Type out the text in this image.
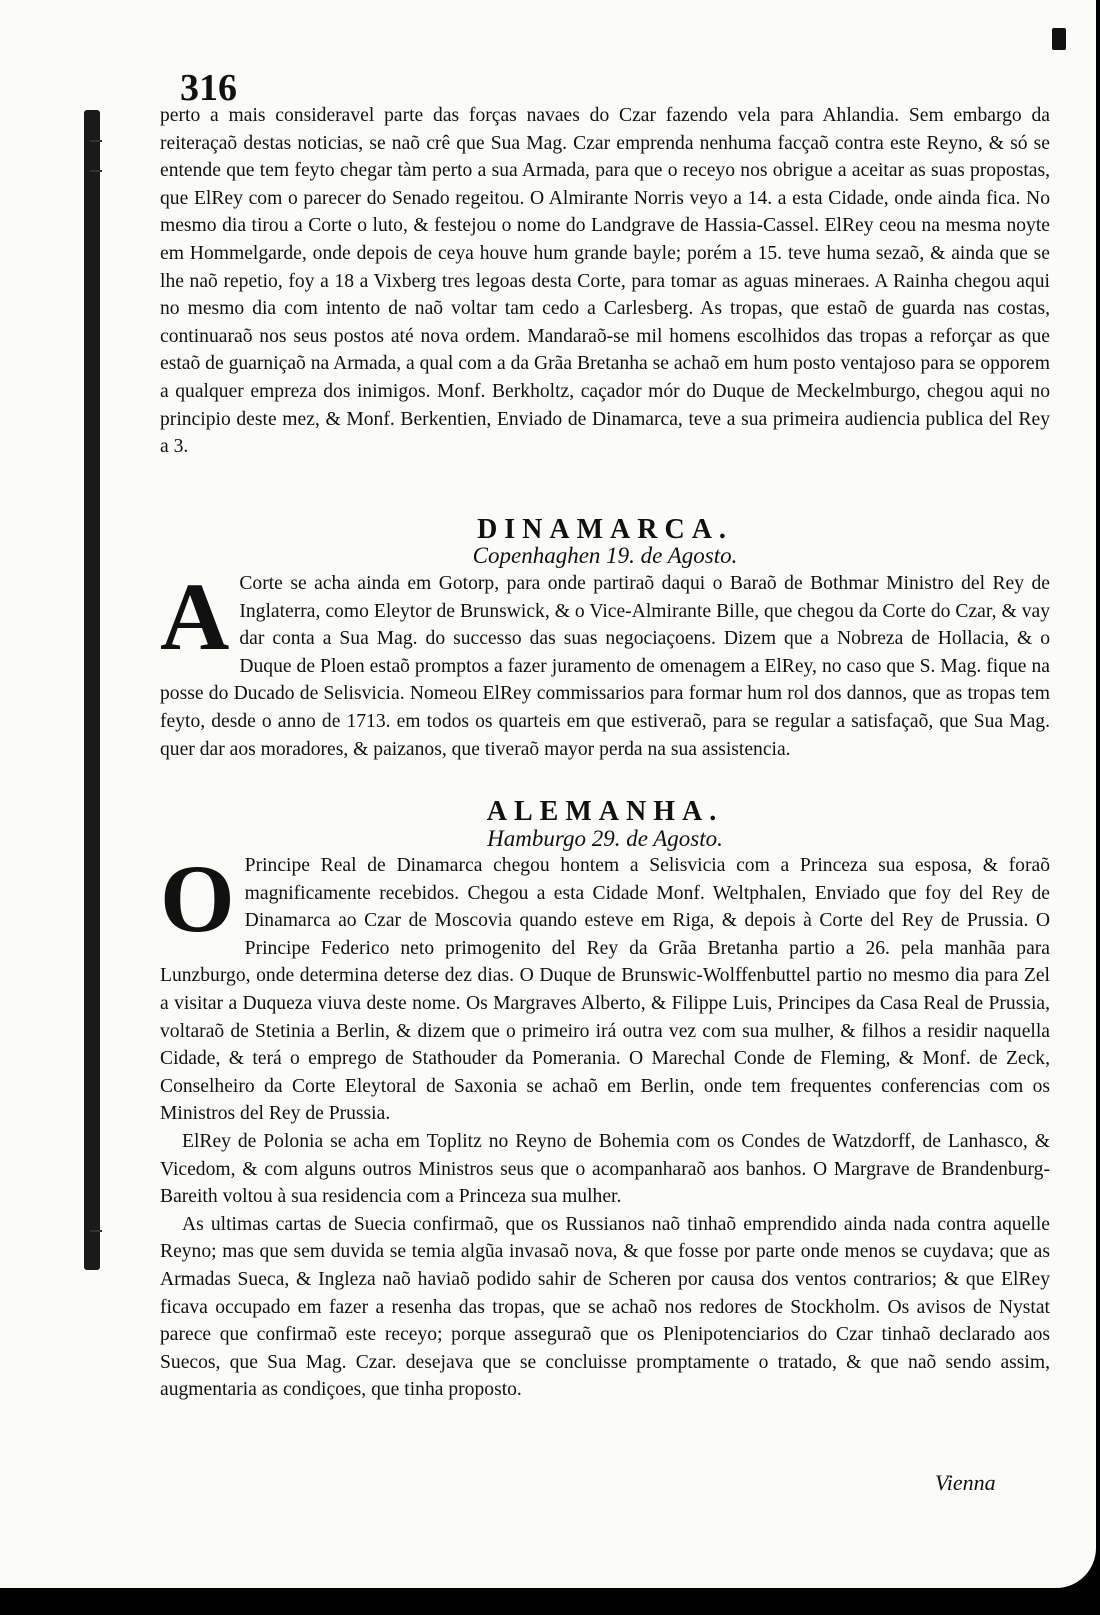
316

perto a mais consideravel parte das forças navaes do Czar fazendo vela para Ahlandia. Sem embargo da reiteraçaõ destas noticias, se naõ crê que Sua Mag. Czar emprenda nenhuma facçaõ contra este Reyno, & só se entende que tem feyto chegar tàm perto a sua Armada, para que o receyo nos obrigue a aceitar as suas propostas, que ElRey com o parecer do Senado regeitou. O Almirante Norris veyo a 14. a esta Cidade, onde ainda fica. No mesmo dia tirou a Corte o luto, & festejou o nome do Landgrave de Hassia-Cassel. ElRey ceou na mesma noyte em Hommelgarde, onde depois de ceya houve hum grande bayle; porém a 15. teve huma sezaõ, & ainda que se lhe naõ repetio, foy a 18 a Vixberg tres legoas desta Corte, para tomar as aguas mineraes. A Rainha chegou aqui no mesmo dia com intento de naõ voltar tam cedo a Carlesberg. As tropas, que estaõ de guarda nas costas, continuaraõ nos seus postos até nova ordem. Mandaraõ-se mil homens escolhidos das tropas a reforçar as que estaõ de guarniçaõ na Armada, a qual com a da Grãa Bretanha se achaõ em hum posto ventajoso para se opporem a qualquer empreza dos inimigos. Monf. Berkholtz, caçador mór do Duque de Meckelmburgo, chegou aqui no principio deste mez, & Monf. Berkentien, Enviado de Dinamarca, teve a sua primeira audiencia publica del Rey a 3.

DINAMARCA.
Copenhaghen 19. de Agosto.
A Corte se acha ainda em Gotorp, para onde partiraõ daqui o Baraõ de Bothmar Ministro del Rey de Inglaterra, como Eleytor de Brunswick, & o Vice-Almirante Bille, que chegou da Corte do Czar, & vay dar conta a Sua Mag. do successo das suas negociaçoens. Dizem que a Nobreza de Hollacia, & o Duque de Ploen estaõ promptos a fazer juramento de omenagem a ElRey, no caso que S. Mag. fique na posse do Ducado de Selisvicia. Nomeou ElRey commissarios para formar hum rol dos dannos, que as tropas tem feyto, desde o anno de 1713. em todos os quarteis em que estiveraõ, para se regular a satisfaçaõ, que Sua Mag. quer dar aos moradores, & paizanos, que tiveraõ mayor perda na sua assistencia.
ALEMANHA.
Hamburgo 29. de Agosto.

O Principe Real de Dinamarca chegou hontem a Selisvicia com a Princeza sua esposa, & foraõ magnificamente recebidos. Chegou a esta Cidade Monf. Weltphalen, Enviado que foy del Rey de Dinamarca ao Czar de Moscovia quando esteve em Riga, & depois à Corte del Rey de Prussia. O Principe Federico neto primogenito del Rey da Grãa Bretanha partio a 26. pela manhãa para Lunzburgo, onde determina deterse dez dias. O Duque de Brunswic-Wolffenbuttel partio no mesmo dia para Zel a visitar a Duqueza viuva deste nome. Os Margraves Alberto, & Filippe Luis, Principes da Casa Real de Prussia, voltaraõ de Stetinia a Berlin, & dizem que o primeiro irá outra vez com sua mulher, & filhos a residir naquella Cidade, & terá o emprego de Stathouder da Pomerania. O Marechal Conde de Fleming, & Monf. de Zeck, Conselheiro da Corte Eleytoral de Saxonia se achaõ em Berlin, onde tem frequentes conferencias com os Ministros del Rey de Prussia.

ElRey de Polonia se acha em Toplitz no Reyno de Bohemia com os Condes de Watzdorff, de Lanhasco, & Vicedom, & com alguns outros Ministros seus que o acompanharaõ aos banhos. O Margrave de Brandenburg-Bareith voltou à sua residencia com a Princeza sua mulher.

As ultimas cartas de Suecia confirmaõ, que os Russianos naõ tinhaõ emprendido ainda nada contra aquelle Reyno; mas que sem duvida se temia algũa invasaõ nova, & que fosse por parte onde menos se cuydava; que as Armadas Sueca, & Ingleza naõ haviaõ podido sahir de Scheren por causa dos ventos contrarios; & que ElRey ficava occupado em fazer a resenha das tropas, que se achaõ nos redores de Stockholm. Os avisos de Nystat parece que confirmaõ este receyo; porque asseguraõ que os Plenipotenciarios do Czar tinhaõ declarado aos Suecos, que Sua Mag. Czar. desejava que se concluisse promptamente o tratado, & que naõ sendo assim, augmentaria as condiçoes, que tinha proposto.

Vienna
